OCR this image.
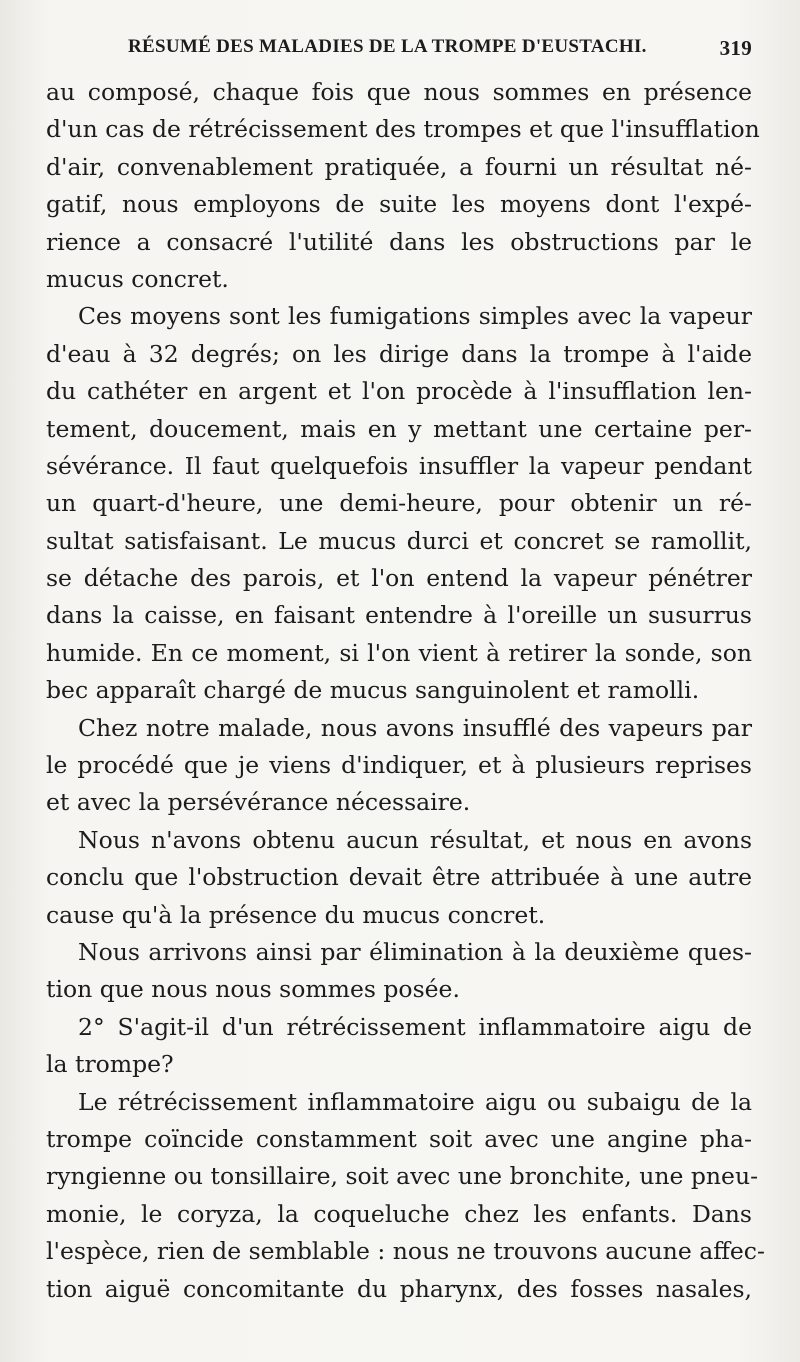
RÉSUMÉ DES MALADIES DE LA TROMPE D'EUSTACHI.	319
au composé, chaque fois que nous sommes en présence
d'un cas de rétrécissement des trompes et que l'insufflation
d'air, convenablement pratiquée, a fourni un résultat né-
gatif, nous employons de suite les moyens dont l'expé-
rience a consacré l'utilité dans les obstructions par le
mucus concret.
Ces moyens sont les fumigations simples avec la vapeur
d'eau à 32 degrés; on les dirige dans la trompe à l'aide
du cathéter en argent et l'on procède à l'insufflation len-
tement, doucement, mais en y mettant une certaine per-
sévérance. Il faut quelquefois insuffler la vapeur pendant
un quart-d'heure, une demi-heure, pour obtenir un ré-
sultat satisfaisant. Le mucus durci et concret se ramollit,
se détache des parois, et l'on entend la vapeur pénétrer
dans la caisse, en faisant entendre à l'oreille un susurrus
humide. En ce moment, si l'on vient à retirer la sonde, son
bec apparaît chargé de mucus sanguinolent et ramolli.
Chez notre malade, nous avons insufflé des vapeurs par
le procédé que je viens d'indiquer, et à plusieurs reprises
et avec la persévérance nécessaire.
Nous n'avons obtenu aucun résultat, et nous en avons
conclu que l'obstruction devait être attribuée à une autre
cause qu'à la présence du mucus concret.
Nous arrivons ainsi par élimination à la deuxième ques-
tion que nous nous sommes posée.
2° S'agit-il d'un rétrécissement inflammatoire aigu de
la trompe?
Le rétrécissement inflammatoire aigu ou subaigu de la
trompe coïncide constamment soit avec une angine pha-
ryngienne ou tonsillaire, soit avec une bronchite, une pneu-
monie, le coryza, la coqueluche chez les enfants. Dans
l'espèce, rien de semblable : nous ne trouvons aucune affec-
tion aiguë concomitante du pharynx, des fosses nasales,
